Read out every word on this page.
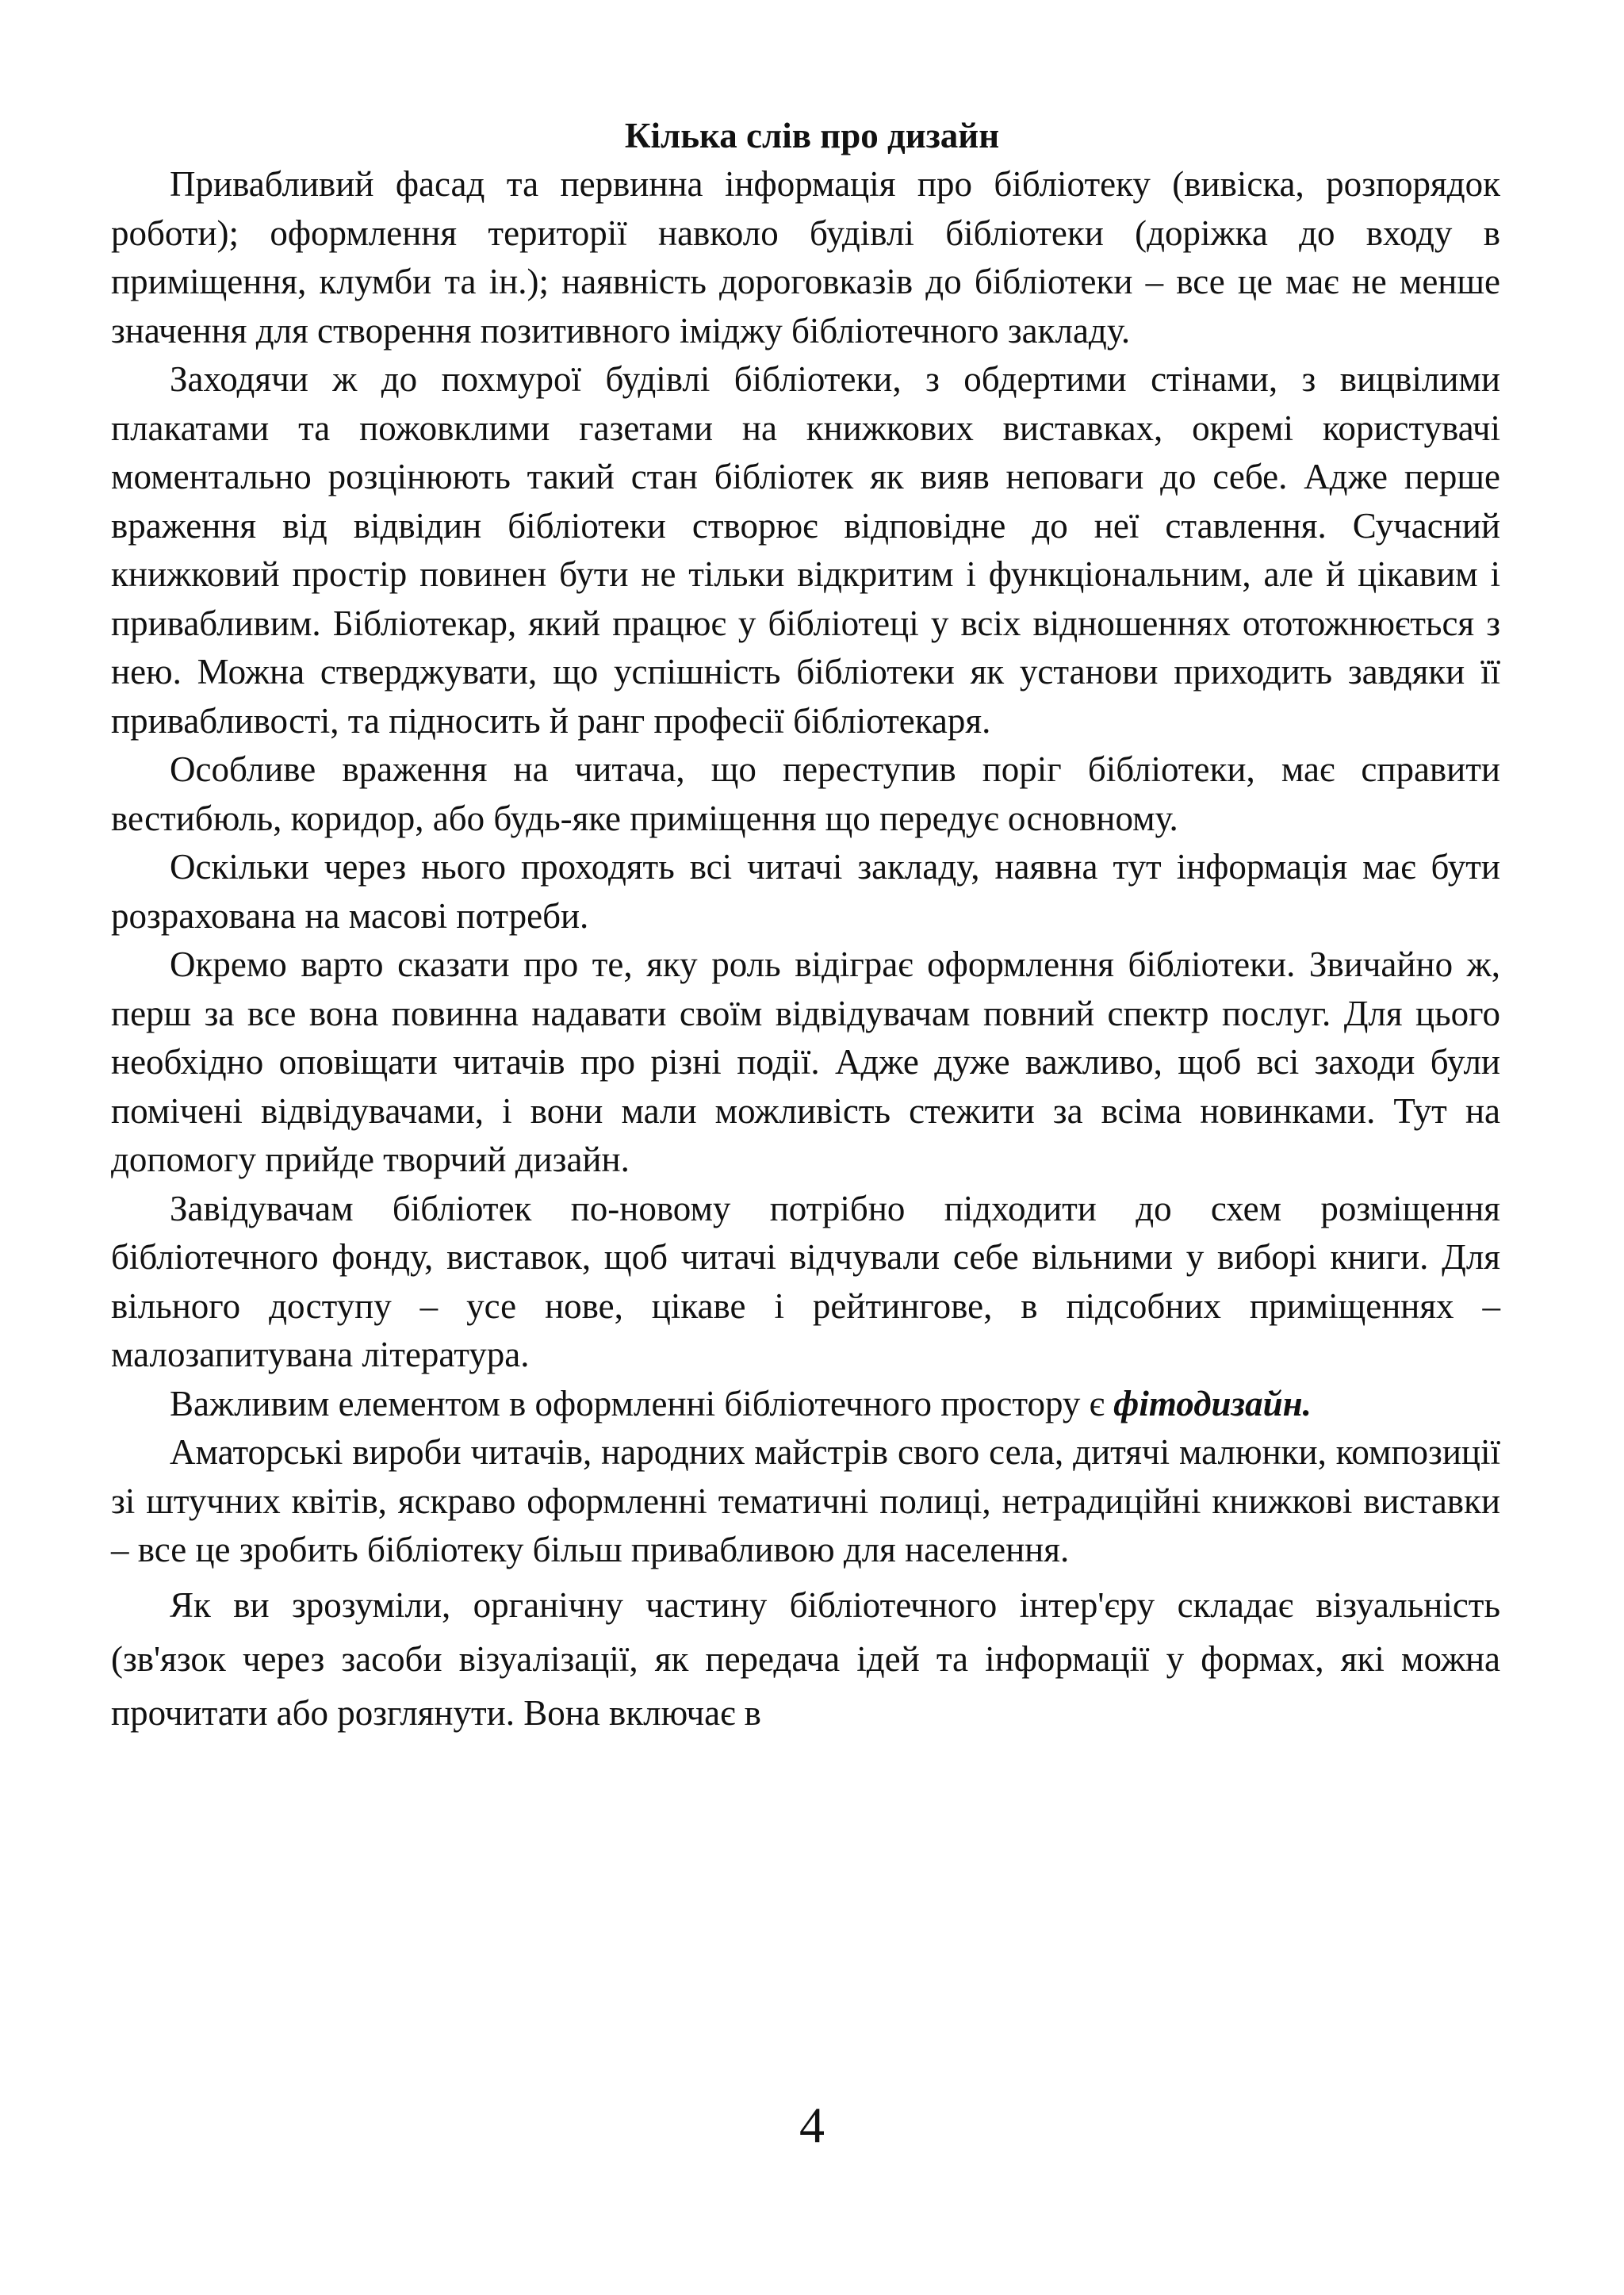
Кілька слів про дизайн

Привабливий фасад та первинна інформація про бібліотеку (вивіска, розпорядок роботи); оформлення території навколо будівлі бібліотеки (доріжка до входу в приміщення, клумби та ін.); наявність дороговказів до бібліотеки – все це має не менше значення для створення позитивного іміджу бібліотечного закладу.

Заходячи ж до похмурої будівлі бібліотеки, з обдертими стінами, з вицвілими плакатами та пожовклими газетами на книжкових виставках, окремі користувачі моментально розцінюють такий стан бібліотек як вияв неповаги до себе. Адже перше враження від відвідин бібліотеки створює відповідне до неї ставлення. Сучасний книжковий простір повинен бути не тільки відкритим і функціональним, але й цікавим і привабливим. Бібліотекар, який працює у бібліотеці у всіх відношеннях ототожнюється з нею. Можна стверджувати, що успішність бібліотеки як установи приходить завдяки її привабливості, та підносить й ранг професії бібліотекаря.

Особливе враження на читача, що переступив поріг бібліотеки, має справити вестибюль, коридор, або будь-яке приміщення що передує основному.

Оскільки через нього проходять всі читачі закладу, наявна тут інформація має бути розрахована на масові потреби.

Окремо варто сказати про те, яку роль відіграє оформлення бібліотеки. Звичайно ж, перш за все вона повинна надавати своїм відвідувачам повний спектр послуг. Для цього необхідно оповіщати читачів про різні події. Адже дуже важливо, щоб всі заходи були помічені відвідувачами, і вони мали можливість стежити за всіма новинками. Тут на допомогу прийде творчий дизайн.

Завідувачам бібліотек по-новому потрібно підходити до схем розміщення бібліотечного фонду, виставок, щоб читачі відчували себе вільними у виборі книги. Для вільного доступу – усе нове, цікаве і рейтингове, в підсобних приміщеннях – малозапитувана література.

Важливим елементом в оформленні бібліотечного простору є фітодизайн.

Аматорські вироби читачів, народних майстрів свого села, дитячі малюнки, композиції зі штучних квітів, яскраво оформленні тематичні полиці, нетрадиційні книжкові виставки – все це зробить бібліотеку більш привабливою для населення.

Як ви зрозуміли, органічну частину бібліотечного інтер'єру складає візуальність (зв'язок через засоби візуалізації, як передача ідей та інформації у формах, які можна прочитати або розглянути. Вона включає в

4
